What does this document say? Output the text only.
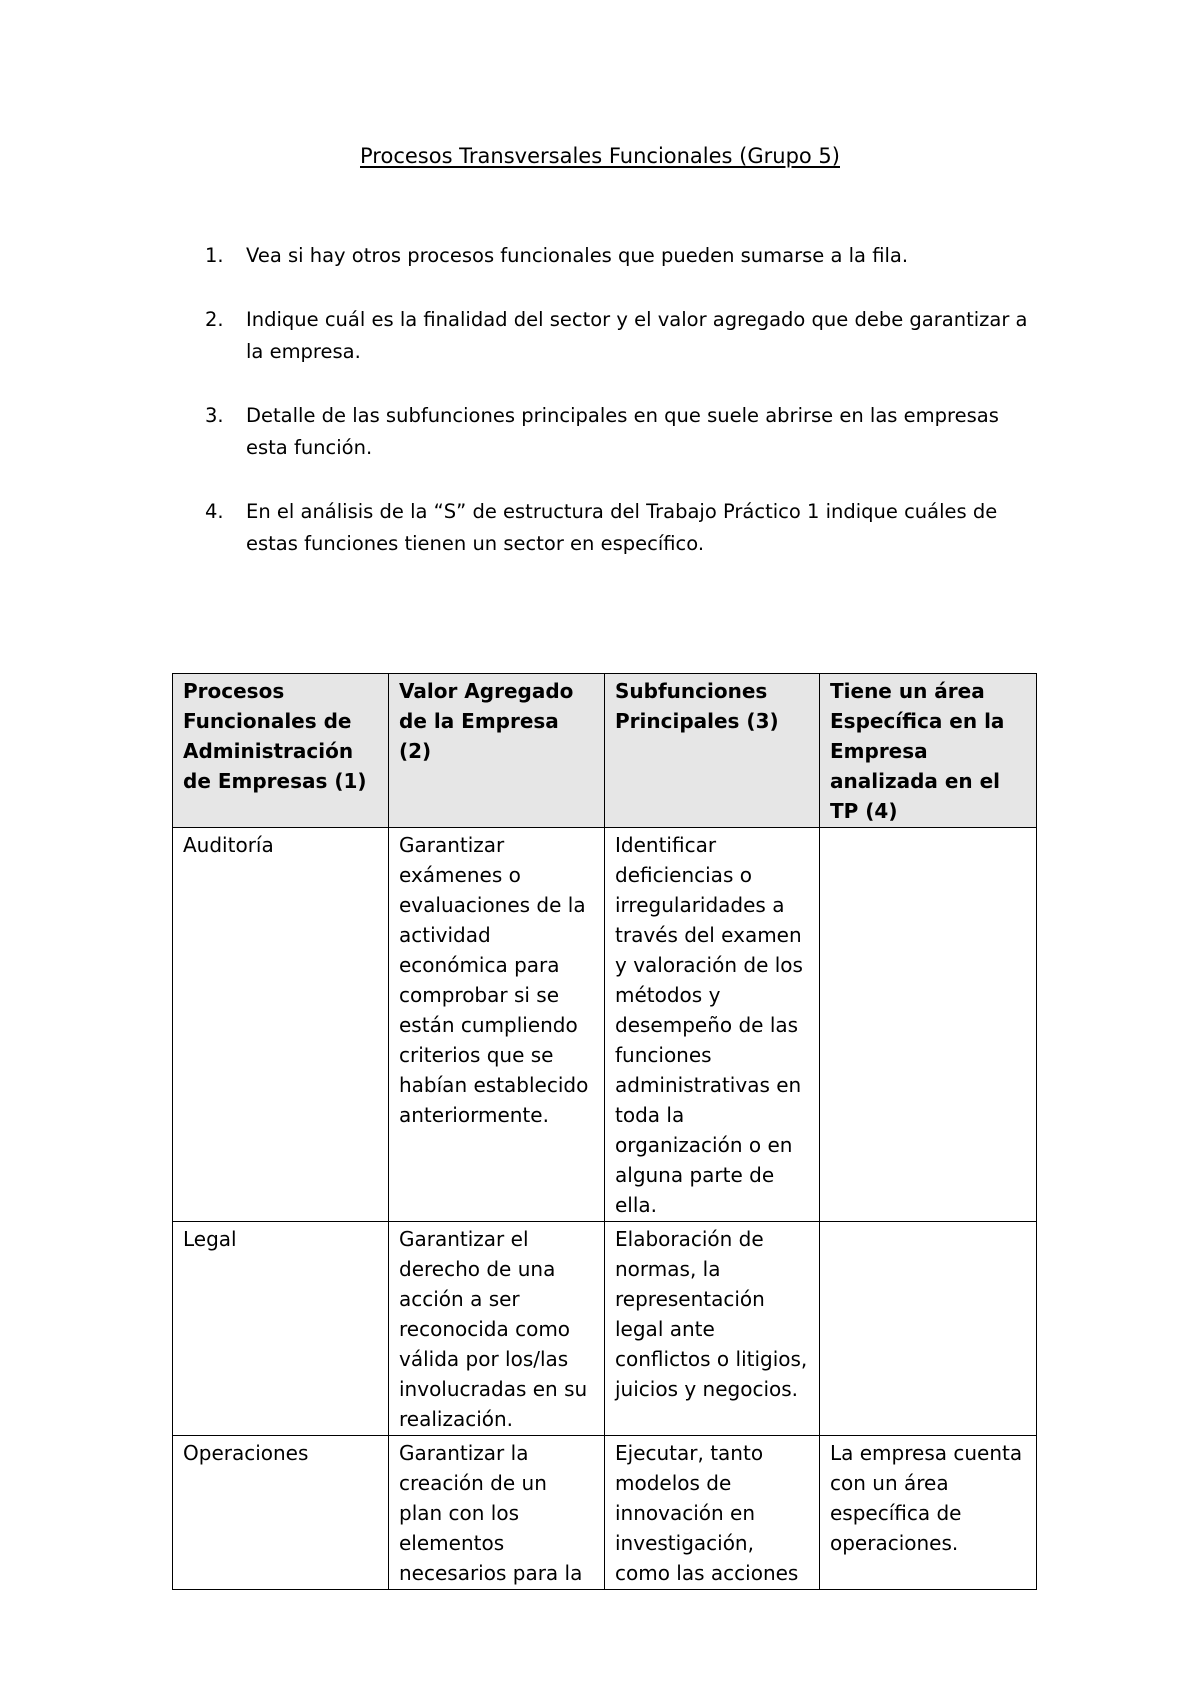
Procesos Transversales Funcionales (Grupo 5)
1. Vea si hay otros procesos funcionales que pueden sumarse a la fila.
2. Indique cuál es la finalidad del sector y el valor agregado que debe garantizar a la empresa.
3. Detalle de las subfunciones principales en que suele abrirse en las empresas esta función.
4. En el análisis de la “S” de estructura del Trabajo Práctico 1 indique cuáles de estas funciones tienen un sector en específico.
Procesos Funcionales de Administración de Empresas (1)	Valor Agregado de la Empresa (2)	Subfunciones Principales (3)	Tiene un área Específica en la Empresa analizada en el TP (4)
Auditoría	Garantizar exámenes o evaluaciones de la actividad económica para comprobar si se están cumpliendo criterios que se habían establecido anteriormente.	Identificar deficiencias o irregularidades a través del examen y valoración de los métodos y desempeño de las funciones administrativas en toda la organización o en alguna parte de ella.	
Legal	Garantizar el derecho de una acción a ser reconocida como válida por los/las involucradas en su realización.	Elaboración de normas, la representación legal ante conflictos o litigios, juicios y negocios.	
Operaciones	Garantizar la creación de un plan con los elementos necesarios para la	Ejecutar, tanto modelos de innovación en investigación, como las acciones	La empresa cuenta con un área específica de operaciones.
